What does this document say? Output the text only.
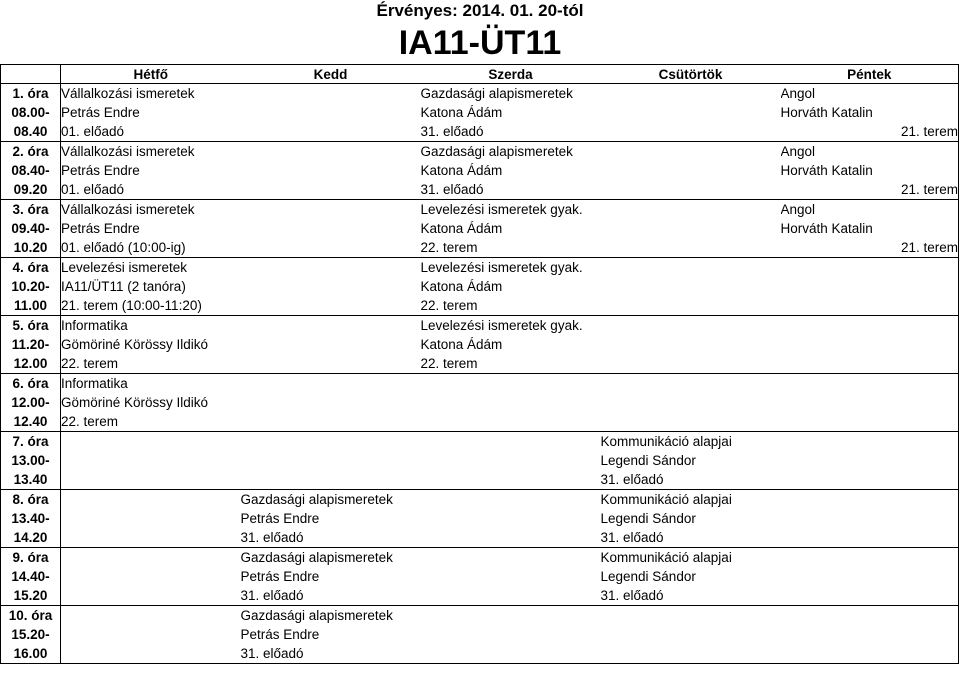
Érvényes: 2014. 01. 20-tól
IA11-ÜT11
	Hétfő	Kedd	Szerda	Csütörtök	Péntek
1. óra	Vállalkozási ismeretek		Gazdasági alapismeretek		Angol
08.00-	Petrás Endre		Katona Ádám		Horváth Katalin
08.40	01. előadó		31. előadó		21. terem
2. óra	Vállalkozási ismeretek		Gazdasági alapismeretek		Angol
08.40-	Petrás Endre		Katona Ádám		Horváth Katalin
09.20	01. előadó		31. előadó		21. terem
3. óra	Vállalkozási ismeretek		Levelezési ismeretek gyak.		Angol
09.40-	Petrás Endre		Katona Ádám		Horváth Katalin
10.20	01. előadó (10:00-ig)		22. terem		21. terem
4. óra	Levelezési ismeretek		Levelezési ismeretek gyak.		
10.20-	IA11/ÜT11 (2 tanóra)		Katona Ádám		
11.00	21. terem (10:00-11:20)		22. terem		
5. óra	Informatika		Levelezési ismeretek gyak.		
11.20-	Gömöriné Körössy Ildikó		Katona Ádám		
12.00	22. terem		22. terem		
6. óra	Informatika				
12.00-	Gömöriné Körössy Ildikó				
12.40	22. terem				
7. óra				Kommunikáció alapjai	
13.00-				Legendi Sándor	
13.40				31. előadó	
8. óra		Gazdasági alapismeretek		Kommunikáció alapjai	
13.40-		Petrás Endre		Legendi Sándor	
14.20		31. előadó		31. előadó	
9. óra		Gazdasági alapismeretek		Kommunikáció alapjai	
14.40-		Petrás Endre		Legendi Sándor	
15.20		31. előadó		31. előadó	
10. óra		Gazdasági alapismeretek			
15.20-		Petrás Endre			
16.00		31. előadó			
